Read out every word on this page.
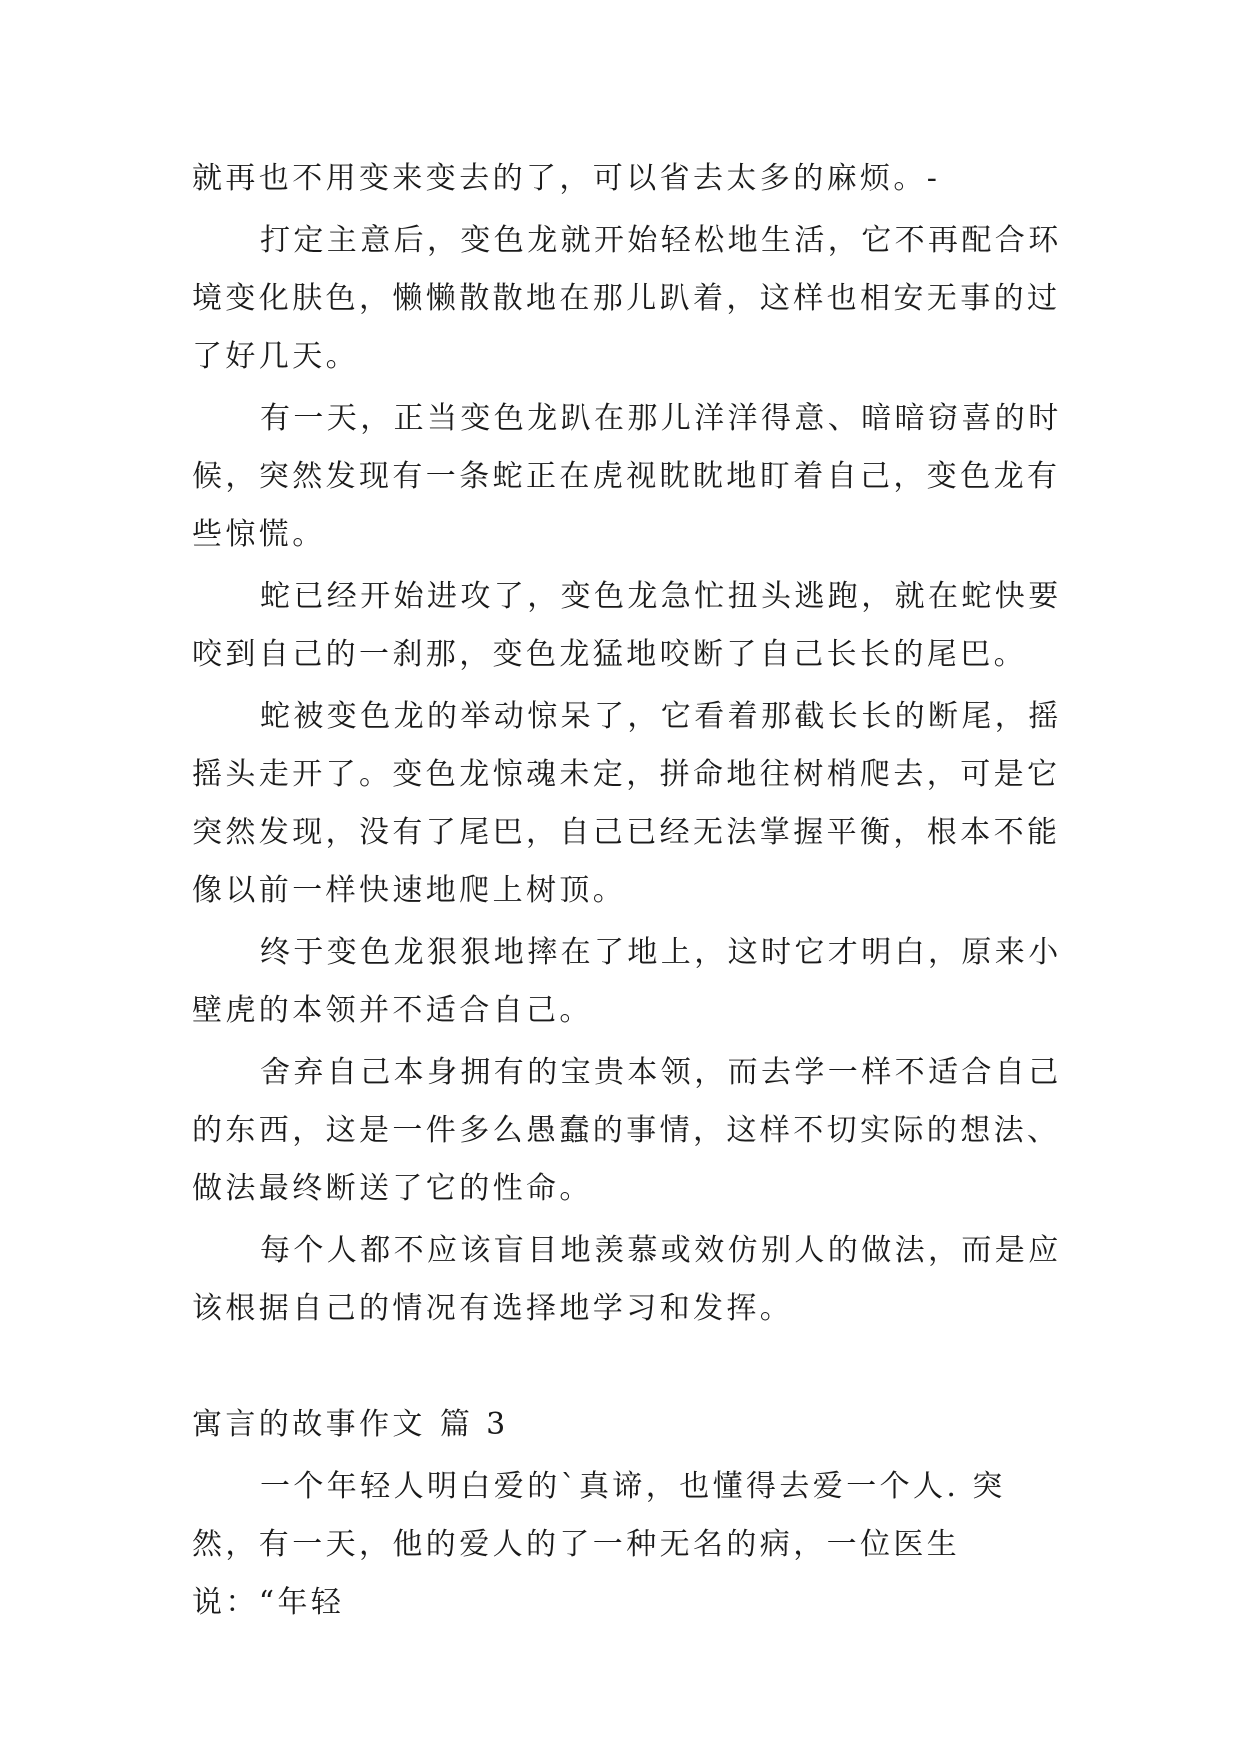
就再也不用变来变去的了，可以省去太多的麻烦。-

打定主意后，变色龙就开始轻松地生活，它不再配合环境变化肤色，懒懒散散地在那儿趴着，这样也相安无事的过了好几天。

有一天，正当变色龙趴在那儿洋洋得意、暗暗窃喜的时候，突然发现有一条蛇正在虎视眈眈地盯着自己，变色龙有些惊慌。

蛇已经开始进攻了，变色龙急忙扭头逃跑，就在蛇快要咬到自己的一刹那，变色龙猛地咬断了自己长长的尾巴。

蛇被变色龙的举动惊呆了，它看着那截长长的断尾，摇摇头走开了。变色龙惊魂未定，拼命地往树梢爬去，可是它突然发现，没有了尾巴，自己已经无法掌握平衡，根本不能像以前一样快速地爬上树顶。

终于变色龙狠狠地摔在了地上，这时它才明白，原来小壁虎的本领并不适合自己。

舍弃自己本身拥有的宝贵本领，而去学一样不适合自己的东西，这是一件多么愚蠢的事情，这样不切实际的想法、做法最终断送了它的性命。

每个人都不应该盲目地羡慕或效仿别人的做法，而是应该根据自己的情况有选择地学习和发挥。

寓言的故事作文 篇 3

一个年轻人明白爱的`真谛，也懂得去爱一个人. 突然，有一天，他的爱人的了一种无名的病，一位医生说：“年轻
